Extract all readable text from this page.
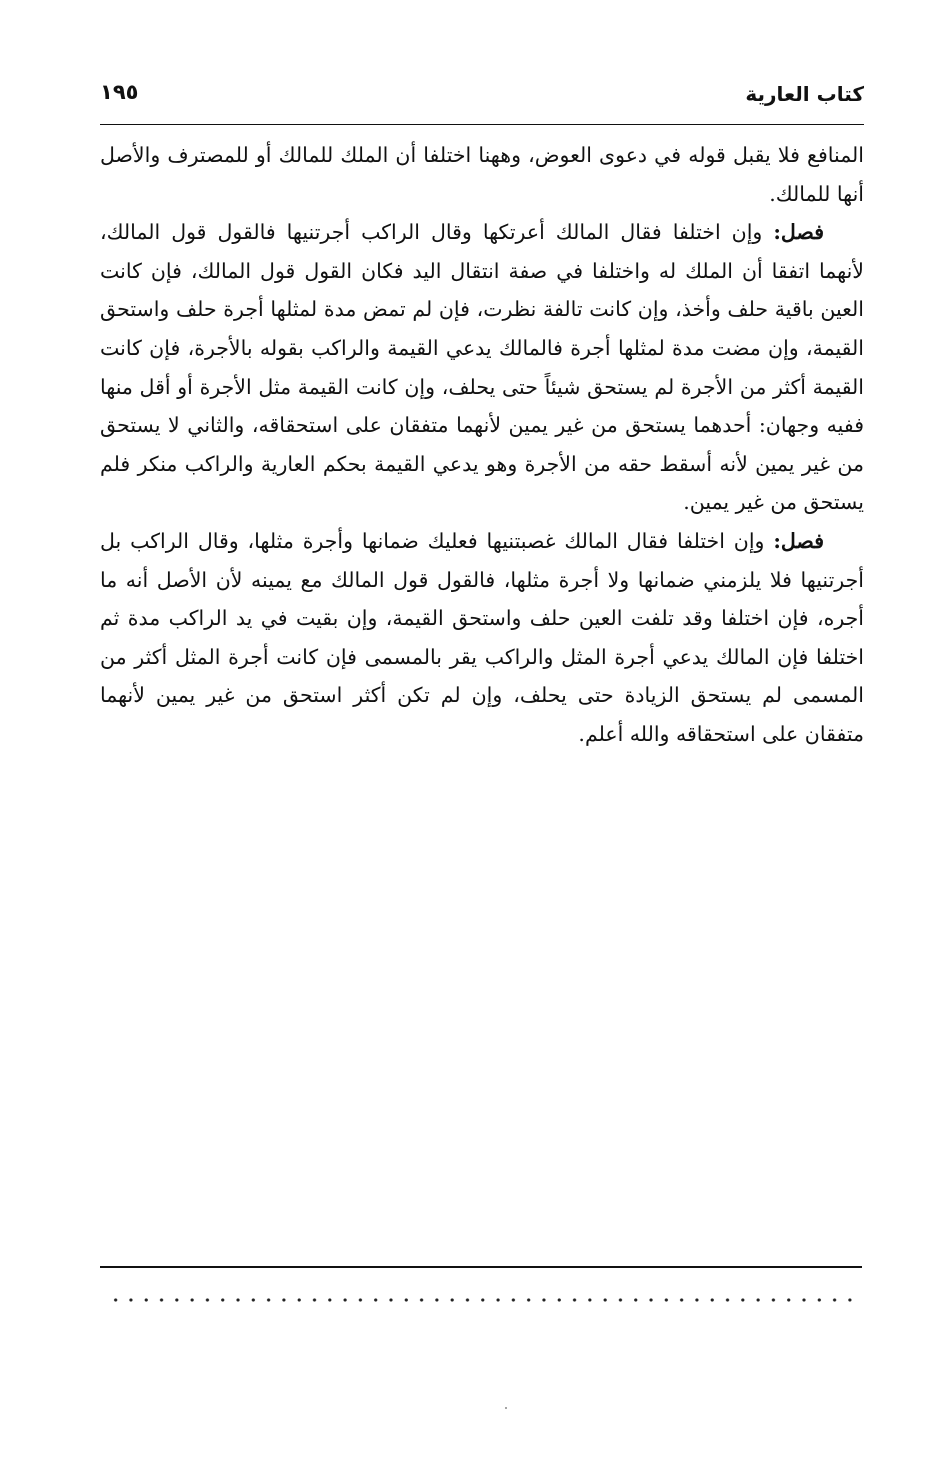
كتاب العارية
١٩٥

المنافع فلا يقبل قوله في دعوى العوض، وههنا اختلفا أن الملك للمالك أو للمصترف والأصل أنها للمالك.

فصل: وإن اختلفا فقال المالك أعرتكها وقال الراكب أجرتنيها فالقول قول المالك، لأنهما اتفقا أن الملك له واختلفا في صفة انتقال اليد فكان القول قول المالك، فإن كانت العين باقية حلف وأخذ، وإن كانت تالفة نظرت، فإن لم تمض مدة لمثلها أجرة حلف واستحق القيمة، وإن مضت مدة لمثلها أجرة فالمالك يدعي القيمة والراكب بقوله بالأجرة، فإن كانت القيمة أكثر من الأجرة لم يستحق شيئاً حتى يحلف، وإن كانت القيمة مثل الأجرة أو أقل منها ففيه وجهان: أحدهما يستحق من غير يمين لأنهما متفقان على استحقاقه، والثاني لا يستحق من غير يمين لأنه أسقط حقه من الأجرة وهو يدعي القيمة بحكم العارية والراكب منكر فلم يستحق من غير يمين.

فصل: وإن اختلفا فقال المالك غصبتنيها فعليك ضمانها وأجرة مثلها، وقال الراكب بل أجرتنيها فلا يلزمني ضمانها ولا أجرة مثلها، فالقول قول المالك مع يمينه لأن الأصل أنه ما أجره، فإن اختلفا وقد تلفت العين حلف واستحق القيمة، وإن بقيت في يد الراكب مدة ثم اختلفا فإن المالك يدعي أجرة المثل والراكب يقر بالمسمى فإن كانت أجرة المثل أكثر من المسمى لم يستحق الزيادة حتى يحلف، وإن لم تكن أكثر استحق من غير يمين لأنهما متفقان على استحقاقه والله أعلم.
